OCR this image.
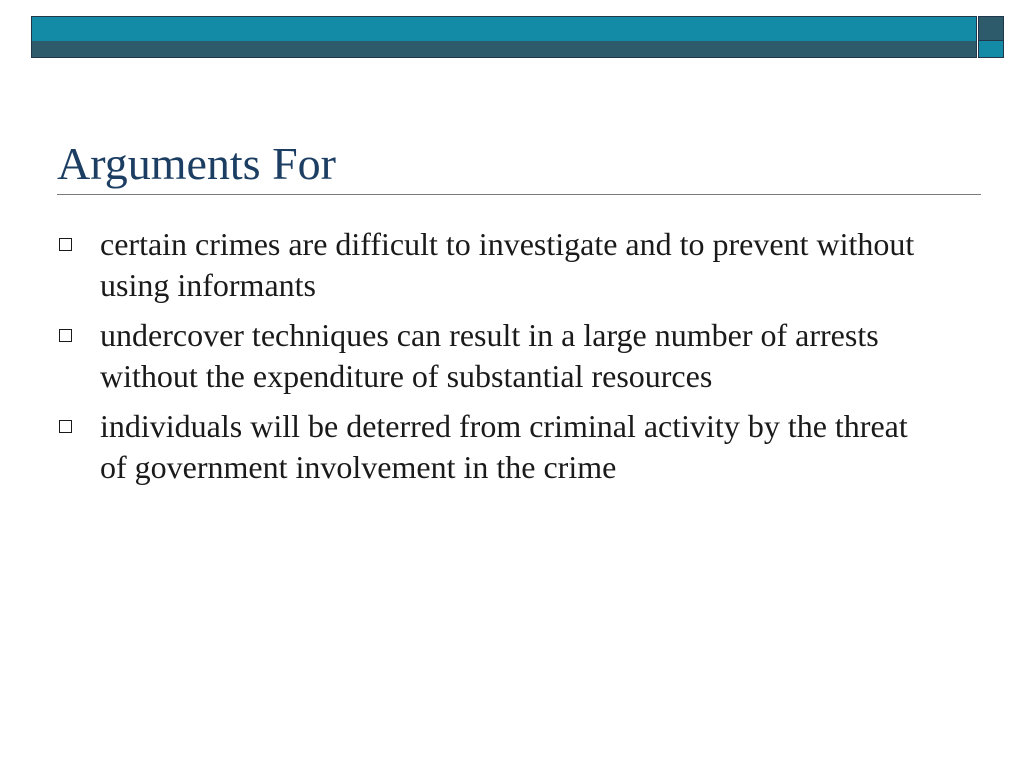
Arguments For
certain crimes are difficult to investigate and to prevent without using informants
undercover techniques can result in a large number of arrests without the expenditure of substantial resources
individuals will be deterred from criminal activity by the threat of government involvement in the crime
